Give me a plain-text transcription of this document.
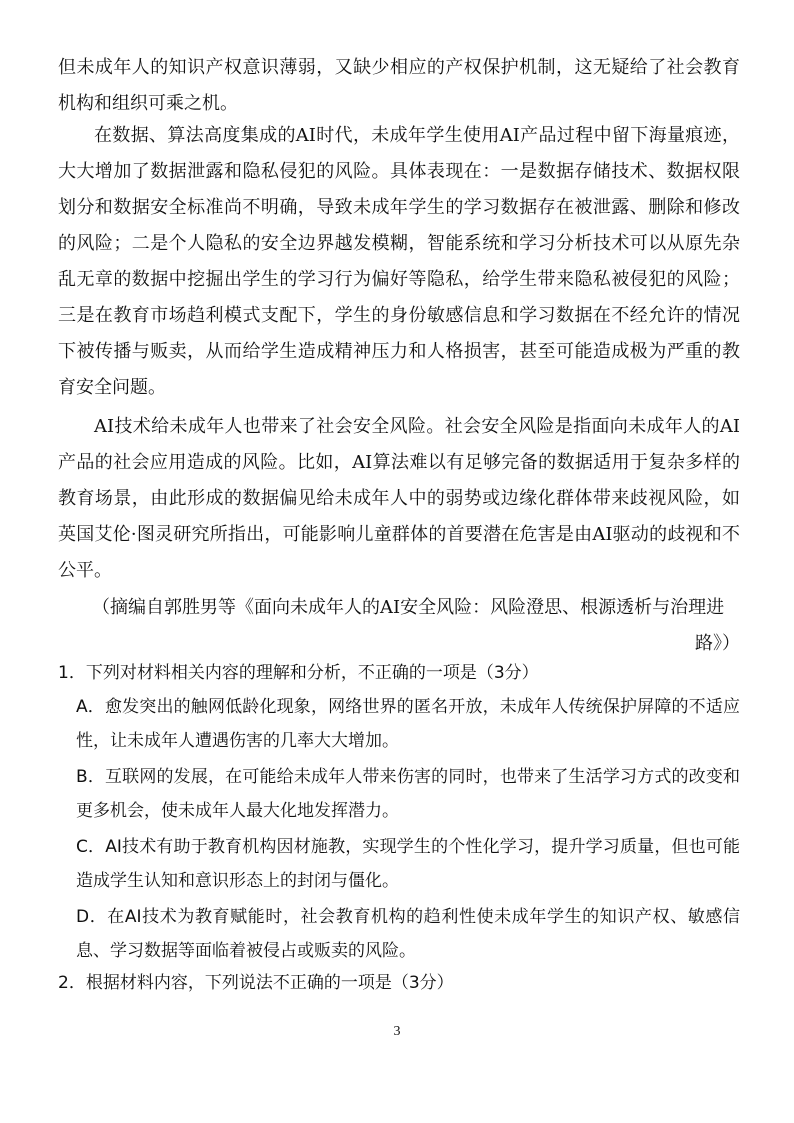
但未成年人的知识产权意识薄弱，又缺少相应的产权保护机制，这无疑给了社会教育机构和组织可乘之机。

在数据、算法高度集成的AI时代，未成年学生使用AI产品过程中留下海量痕迹，大大增加了数据泄露和隐私侵犯的风险。具体表现在：一是数据存储技术、数据权限划分和数据安全标准尚不明确，导致未成年学生的学习数据存在被泄露、删除和修改的风险；二是个人隐私的安全边界越发模糊，智能系统和学习分析技术可以从原先杂乱无章的数据中挖掘出学生的学习行为偏好等隐私，给学生带来隐私被侵犯的风险；三是在教育市场趋利模式支配下，学生的身份敏感信息和学习数据在不经允许的情况下被传播与贩卖，从而给学生造成精神压力和人格损害，甚至可能造成极为严重的教育安全问题。

AI技术给未成年人也带来了社会安全风险。社会安全风险是指面向未成年人的AI产品的社会应用造成的风险。比如，AI算法难以有足够完备的数据适用于复杂多样的教育场景，由此形成的数据偏见给未成年人中的弱势或边缘化群体带来歧视风险，如英国艾伦·图灵研究所指出，可能影响儿童群体的首要潜在危害是由AI驱动的歧视和不公平。

（摘编自郭胜男等《面向未成年人的AI安全风险：风险澄思、根源透析与治理进
路》）
1．下列对材料相关内容的理解和分析，不正确的一项是（3分）
A．愈发突出的触网低龄化现象，网络世界的匿名开放，未成年人传统保护屏障的不适应性，让未成年人遭遇伤害的几率大大增加。
B．互联网的发展，在可能给未成年人带来伤害的同时，也带来了生活学习方式的改变和更多机会，使未成年人最大化地发挥潜力。
C．AI技术有助于教育机构因材施教，实现学生的个性化学习，提升学习质量，但也可能造成学生认知和意识形态上的封闭与僵化。
D．在AI技术为教育赋能时，社会教育机构的趋利性使未成年学生的知识产权、敏感信息、学习数据等面临着被侵占或贩卖的风险。
2．根据材料内容，下列说法不正确的一项是（3分）
3
